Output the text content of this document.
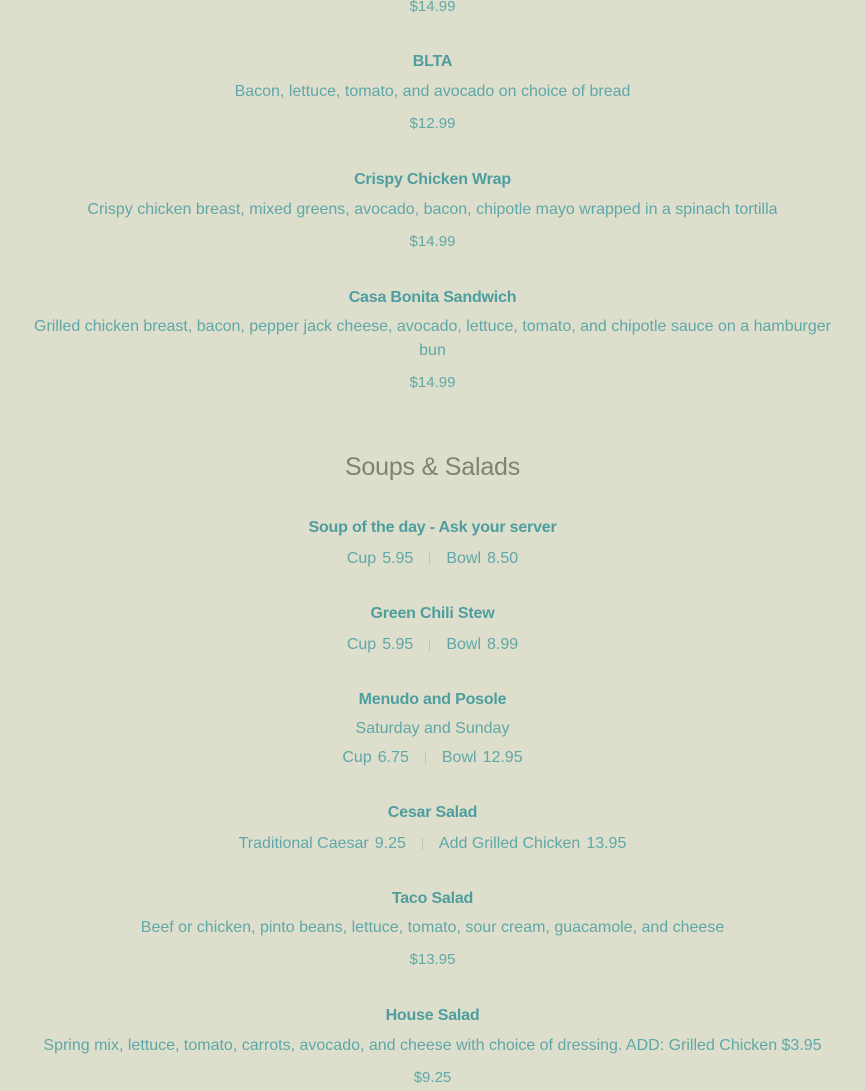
$14.99
BLTA
Bacon, lettuce, tomato, and avocado on choice of bread
$12.99
Crispy Chicken Wrap
Crispy chicken breast, mixed greens, avocado, bacon, chipotle mayo wrapped in a spinach tortilla
$14.99
Casa Bonita Sandwich
Grilled chicken breast, bacon, pepper jack cheese, avocado, lettuce, tomato, and chipotle sauce on a hamburger bun
$14.99
Soups & Salads
Soup of the day - Ask your server
Cup 5.95 Bowl 8.50
Green Chili Stew
Cup 5.95 Bowl 8.99
Menudo and Posole
Saturday and Sunday
Cup 6.75 Bowl 12.95
Cesar Salad
Traditional Caesar 9.25 Add Grilled Chicken 13.95
Taco Salad
Beef or chicken, pinto beans, lettuce, tomato, sour cream, guacamole, and cheese
$13.95
House Salad
Spring mix, lettuce, tomato, carrots, avocado, and cheese with choice of dressing. ADD: Grilled Chicken $3.95
$9.25
